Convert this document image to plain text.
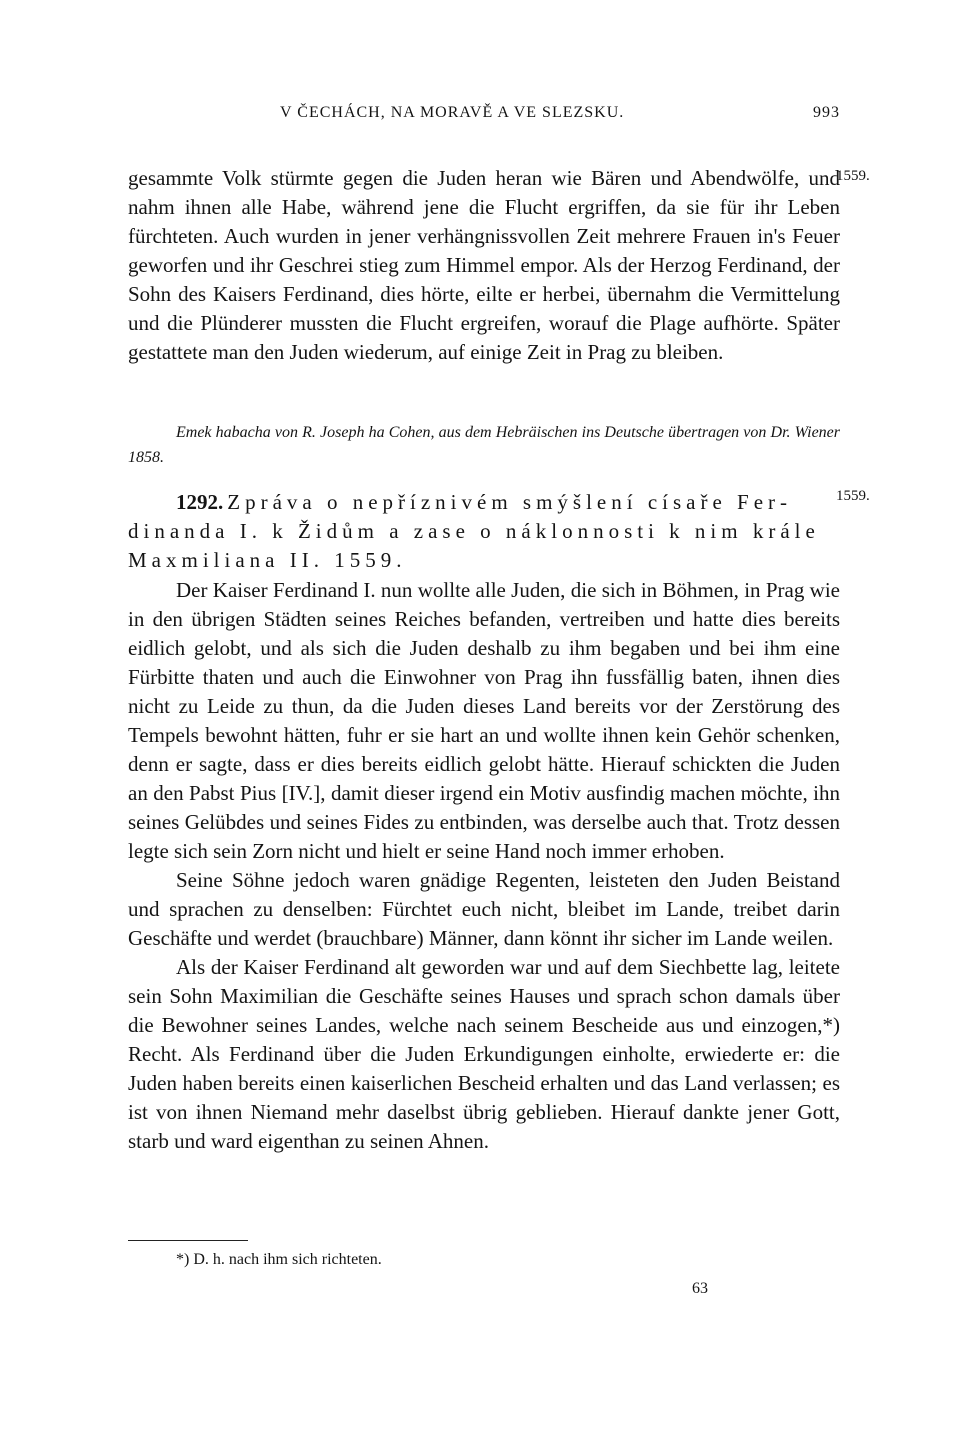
V ČECHÁCH, NA MORAVĚ A VE SLEZSKU.	993
1559.
1559.

gesammte Volk stürmte gegen die Juden heran wie Bären und Abendwölfe, und nahm ihnen alle Habe, während jene die Flucht ergriffen, da sie für ihr Leben fürchteten. Auch wurden in jener verhängnissvollen Zeit mehrere Frauen in's Feuer geworfen und ihr Geschrei stieg zum Himmel empor. Als der Herzog Ferdinand, der Sohn des Kaisers Ferdinand, dies hörte, eilte er herbei, übernahm die Vermittelung und die Plünderer mussten die Flucht ergreifen, worauf die Plage aufhörte. Später gestattete man den Juden wiederum, auf einige Zeit in Prag zu bleiben.

Emek habacha von R. Joseph ha Cohen, aus dem Hebräischen ins Deutsche übertragen von Dr. Wiener 1858.

1292. Zpráva o nepříznivém smýšlení císaře Ferdinanda I. k Židům a zase o náklonnosti k nim krále Maxmiliana II. 1559.

Der Kaiser Ferdinand I. nun wollte alle Juden, die sich in Böhmen, in Prag wie in den übrigen Städten seines Reiches befanden, vertreiben und hatte dies bereits eidlich gelobt, und als sich die Juden deshalb zu ihm begaben und bei ihm eine Fürbitte thaten und auch die Einwohner von Prag ihn fussfällig baten, ihnen dies nicht zu Leide zu thun, da die Juden dieses Land bereits vor der Zerstörung des Tempels bewohnt hätten, fuhr er sie hart an und wollte ihnen kein Gehör schenken, denn er sagte, dass er dies bereits eidlich gelobt hätte. Hierauf schickten die Juden an den Pabst Pius [IV.], damit dieser irgend ein Motiv ausfindig machen möchte, ihn seines Gelübdes und seines Fides zu entbinden, was derselbe auch that. Trotz dessen legte sich sein Zorn nicht und hielt er seine Hand noch immer erhoben.

Seine Söhne jedoch waren gnädige Regenten, leisteten den Juden Beistand und sprachen zu denselben: Fürchtet euch nicht, bleibet im Lande, treibet darin Geschäfte und werdet (brauchbare) Männer, dann könnt ihr sicher im Lande weilen.

Als der Kaiser Ferdinand alt geworden war und auf dem Siechbette lag, leitete sein Sohn Maximilian die Geschäfte seines Hauses und sprach schon damals über die Bewohner seines Landes, welche nach seinem Bescheide aus und einzogen,*) Recht. Als Ferdinand über die Juden Erkundigungen einholte, erwiederte er: die Juden haben bereits einen kaiserlichen Bescheid erhalten und das Land verlassen; es ist von ihnen Niemand mehr daselbst übrig geblieben. Hierauf dankte jener Gott, starb und ward eigenthan zu seinen Ahnen.

*) D. h. nach ihm sich richteten.
63
